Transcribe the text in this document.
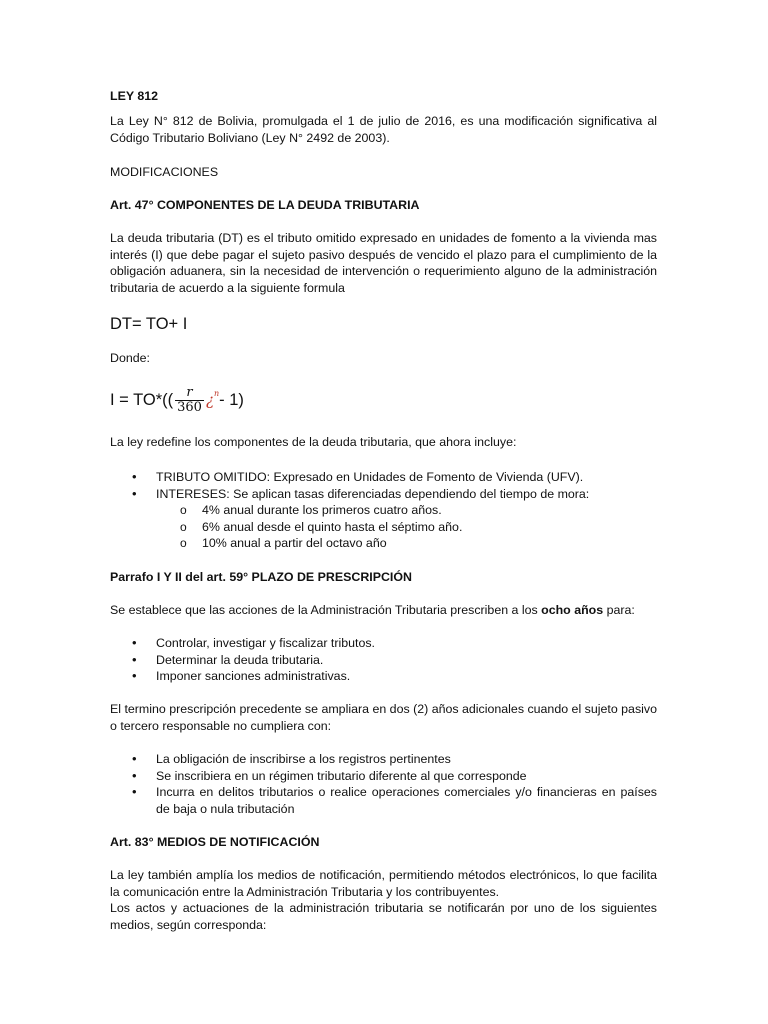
LEY 812

La Ley N° 812 de Bolivia, promulgada el 1 de julio de 2016, es una modificación significativa al Código Tributario Boliviano (Ley N° 2492 de 2003).

MODIFICACIONES

Art. 47° COMPONENTES DE LA DEUDA TRIBUTARIA

La deuda tributaria (DT) es el tributo omitido expresado en unidades de fomento a la vivienda mas interés (I) que debe pagar el sujeto pasivo después de vencido el plazo para el cumplimiento de la obligación aduanera, sin la necesidad de intervención o requerimiento alguno de la administración tributaria de acuerdo a la siguiente formula

DT= TO+ I

Donde:

$I = TO*(( \frac{r}{360}$ ¿$^n$- 1)

La ley redefine los componentes de la deuda tributaria, que ahora incluye:

• TRIBUTO OMITIDO: Expresado en Unidades de Fomento de Vivienda (UFV).
• INTERESES: Se aplican tasas diferenciadas dependiendo del tiempo de mora:
o 4% anual durante los primeros cuatro años.
o 6% anual desde el quinto hasta el séptimo año.
o 10% anual a partir del octavo año

Parrafo I Y II del art. 59° PLAZO DE PRESCRIPCIÓN

Se establece que las acciones de la Administración Tributaria prescriben a los ocho años para:

• Controlar, investigar y fiscalizar tributos.
• Determinar la deuda tributaria.
• Imponer sanciones administrativas.

El termino prescripción precedente se ampliara en dos (2) años adicionales cuando el sujeto pasivo o tercero responsable no cumpliera con:

• La obligación de inscribirse a los registros pertinentes
• Se inscribiera en un régimen tributario diferente al que corresponde
• Incurra en delitos tributarios o realice operaciones comerciales y/o financieras en países de baja o nula tributación

Art. 83° MEDIOS DE NOTIFICACIÓN

La ley también amplía los medios de notificación, permitiendo métodos electrónicos, lo que facilita la comunicación entre la Administración Tributaria y los contribuyentes.

Los actos y actuaciones de la administración tributaria se notificarán por uno de los siguientes medios, según corresponda:
